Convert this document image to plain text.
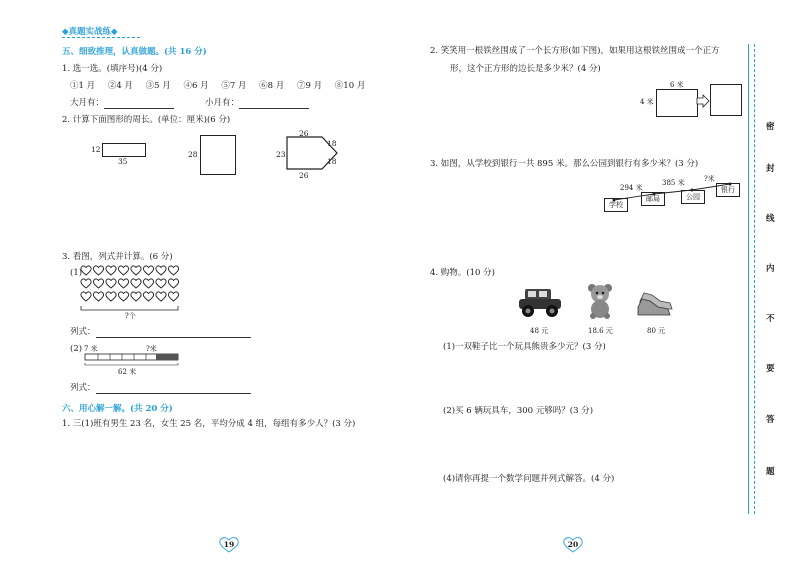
◆真题实战练◆
五、细致推理，认真做题。(共 16 分)
1. 选一选。(填序号)(4 分)
①1 月 ②4 月 ③5 月 ④6 月 ⑤7 月 ⑥8 月 ⑦9 月 ⑧10 月
大月有：	小月有：
2. 计算下面图形的周长。(单位：厘米)(6 分)
12
35
28
26
23
26
18
18
3. 看图，列式并计算。(6 分)
(1)
?个
列式：
(2) 7 米	?米
62 米
列式：
六、用心解一解。(共 20 分)
1. 三(1)班有男生 23 名，女生 25 名，平均分成 4 组，每组有多少人？(3 分)
2. 笑笑用一根铁丝围成了一个长方形(如下图)，如果用这根铁丝围成一个正方
形，这个正方形的边长是多少米？(4 分)
6 米
4 米
3. 如图，从学校到银行一共 895 米。那么公园到银行有多少米？(3 分)
294 米
385 米	?米
学校
邮局	公园
银行
4. 购物。(10 分)
48 元	18.6 元	80 元
(1)一双鞋子比一个玩具熊贵多少元？(3 分)
(2)买 6 辆玩具车，300 元够吗？(3 分)
(4)请你再提一个数学问题并列式解答。(4 分)
密
封
线
内
不
要
答
题
19	20
